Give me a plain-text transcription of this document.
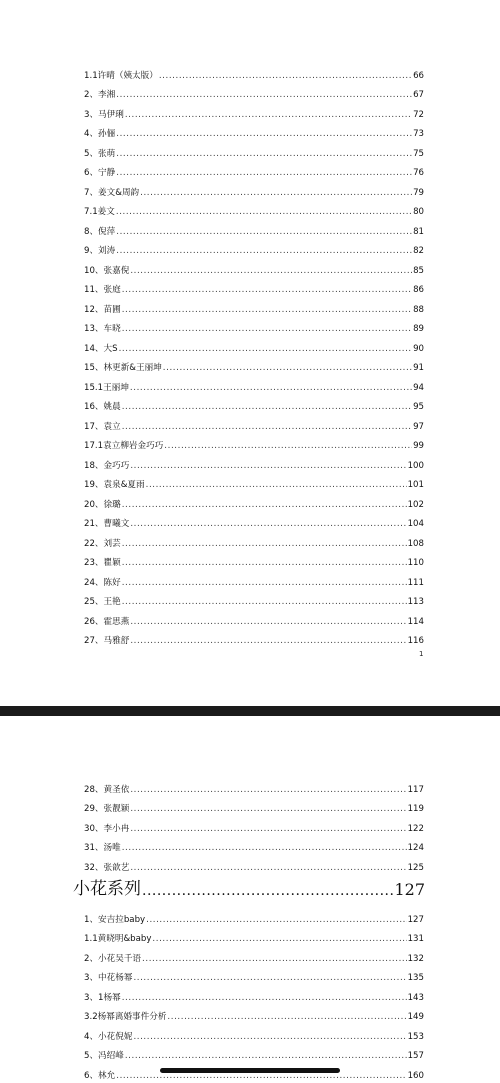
1.1许晴（姨太版） .....	66
2、李湘 .....	67
3、马伊琍 .....	72
4、孙俪 .....	73
5、张萌 .....	75
6、宁静 .....	76
7、姜文&周韵 .....	79
7.1姜文 .....	80
8、倪萍 .....	81
9、刘涛 .....	82
10、张嘉倪 .....	85
11、张庭 .....	86
12、苗圃 .....	88
13、车晓 .....	89
14、大S .....	90
15、林更新&王丽坤 .....	91
15.1王丽坤 .....	94
16、姚晨 .....	95
17、袁立 .....	97
17.1袁立柳岩金巧巧 .....	99
18、金巧巧 .....	100
19、袁泉&夏雨 .....	101
20、徐璐 .....	102
21、曹曦文 .....	104
22、刘芸 .....	108
23、瞿颖 .....	110
24、陈好 .....	111
25、王艳 .....	113
26、霍思燕 .....	114
27、马雅舒 .....	116
1
28、黄圣依 .....	117
29、张靓颖 .....	119
30、李小冉 .....	122
31、汤唯 .....	124
32、张歆艺 .....	125
小花系列 .....	127
1、安吉拉baby .....	127
1.1黄晓明&baby .....	131
2、小花吴千语 .....	132
3、中花杨幂 .....	135
3、1杨幂 .....	143
3.2杨幂离婚事件分析 .....	149
4、小花倪妮 .....	153
5、冯绍峰 .....	157
6、林允 .....	160
